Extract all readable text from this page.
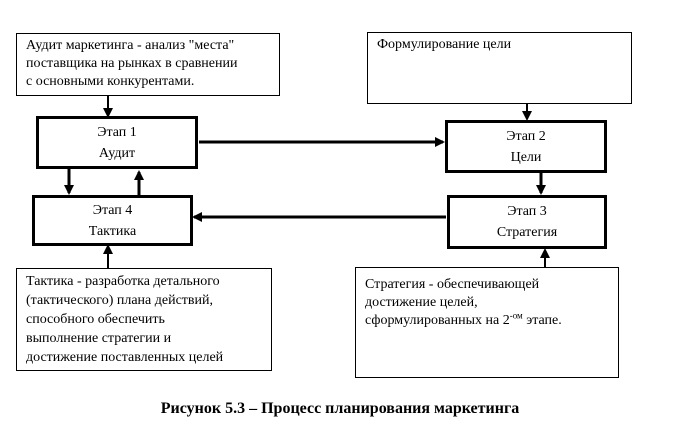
Аудит маркетинга - анализ "места"
поставщика на рынках в сравнении
с основными конкурентами.
Формулирование цели
Этап 1
Аудит
Этап 2
Цели
Этап 4
Тактика
Этап 3
Стратегия
Тактика - разработка детального
(тактического) плана действий,
способного обеспечить
выполнение стратегии и
достижение поставленных целей
Стратегия - обеспечивающей
достижение целей,
сформулированных на $2^{-ом}$ этапе.
Рисунок 5.3 – Процесс планирования маркетинга
